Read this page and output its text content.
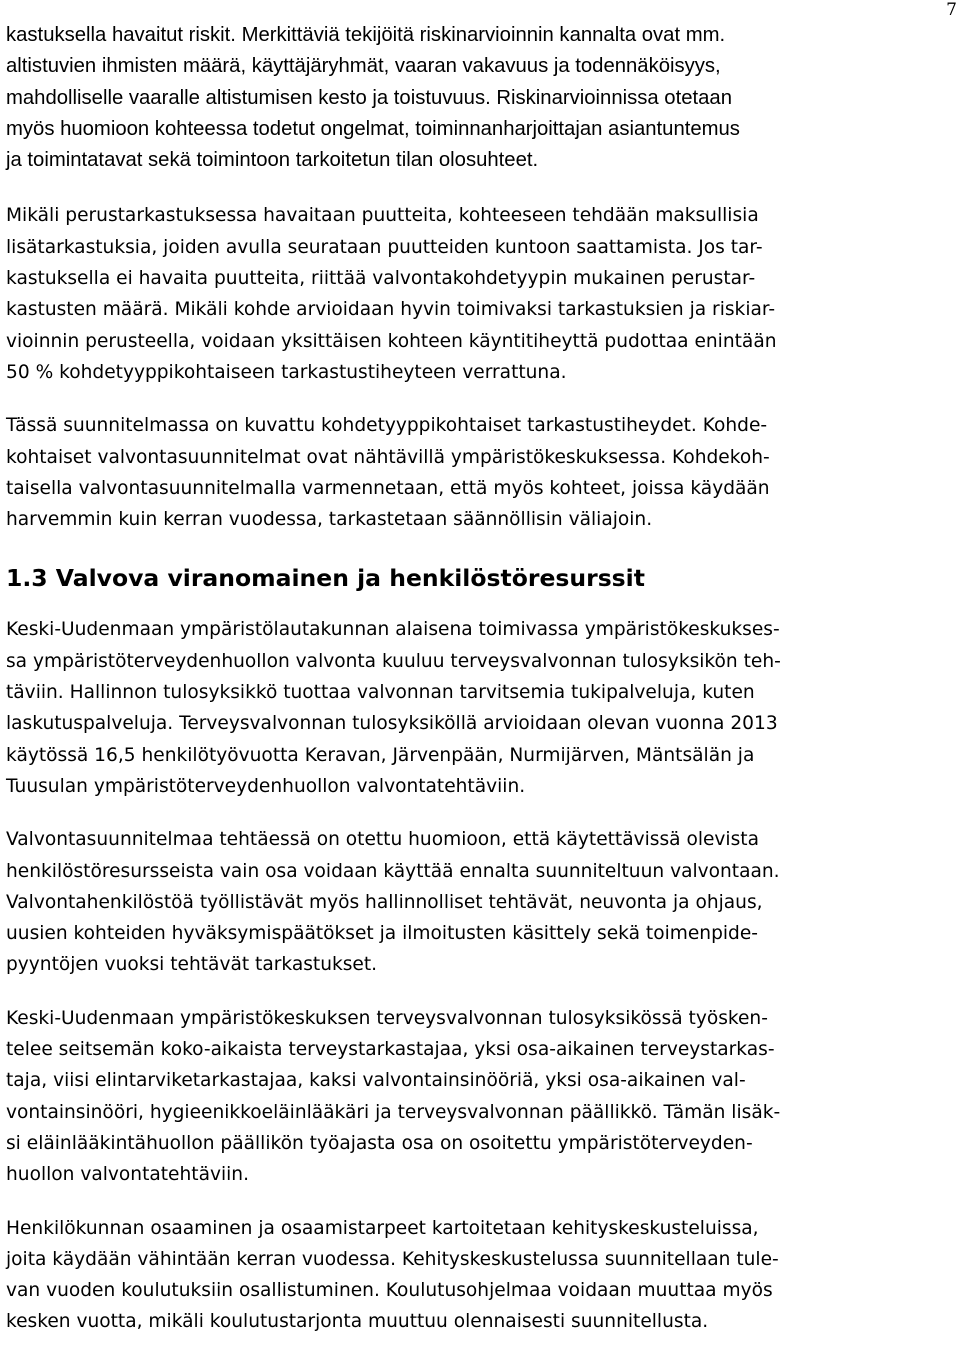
7

kastuksella havaitut riskit. Merkittäviä tekijöitä riskinarvioinnin kannalta ovat mm.
altistuvien ihmisten määrä, käyttäjäryhmät, vaaran vakavuus ja todennäköisyys,
mahdolliselle vaaralle altistumisen kesto ja toistuvuus. Riskinarvioinnissa otetaan
myös huomioon kohteessa todetut ongelmat, toiminnanharjoittajan asiantuntemus
ja toimintatavat sekä toimintoon tarkoitetun tilan olosuhteet.

Mikäli perustarkastuksessa havaitaan puutteita, kohteeseen tehdään maksullisia
lisätarkastuksia, joiden avulla seurataan puutteiden kuntoon saattamista. Jos tar-
kastuksella ei havaita puutteita, riittää valvontakohdetyypin mukainen perustar-
kastusten määrä. Mikäli kohde arvioidaan hyvin toimivaksi tarkastuksien ja riskiar-
vioinnin perusteella, voidaan yksittäisen kohteen käyntitiheyttä pudottaa enintään
50 % kohdetyyppikohtaiseen tarkastustiheyteen verrattuna.

Tässä suunnitelmassa on kuvattu kohdetyyppikohtaiset tarkastustiheydet. Kohde-
kohtaiset valvontasuunnitelmat ovat nähtävillä ympäristökeskuksessa. Kohdekoh-
taisella valvontasuunnitelmalla varmennetaan, että myös kohteet, joissa käydään
harvemmin kuin kerran vuodessa, tarkastetaan säännöllisin väliajoin.

1.3 Valvova viranomainen ja henkilöstöresurssit

Keski-Uudenmaan ympäristölautakunnan alaisena toimivassa ympäristökeskukses-
sa ympäristöterveydenhuollon valvonta kuuluu terveysvalvonnan tulosyksikön teh-
täviin. Hallinnon tulosyksikkö tuottaa valvonnan tarvitsemia tukipalveluja, kuten
laskutuspalveluja. Terveysvalvonnan tulosyksiköllä arvioidaan olevan vuonna 2013
käytössä 16,5 henkilötyövuotta Keravan, Järvenpään, Nurmijärven, Mäntsälän ja
Tuusulan ympäristöterveydenhuollon valvontatehtäviin.

Valvontasuunnitelmaa tehtäessä on otettu huomioon, että käytettävissä olevista
henkilöstöresursseista vain osa voidaan käyttää ennalta suunniteltuun valvontaan.
Valvontahenkilöstöä työllistävät myös hallinnolliset tehtävät, neuvonta ja ohjaus,
uusien kohteiden hyväksymispäätökset ja ilmoitusten käsittely sekä toimenpide-
pyyntöjen vuoksi tehtävät tarkastukset.

Keski-Uudenmaan ympäristökeskuksen terveysvalvonnan tulosyksikössä työsken-
telee seitsemän koko-aikaista terveystarkastajaa, yksi osa-aikainen terveystarkas-
taja, viisi elintarviketarkastajaa, kaksi valvontainsinööriä, yksi osa-aikainen val-
vontainsinööri, hygieenikkoeläinlääkäri ja terveysvalvonnan päällikkö. Tämän lisäk-
si eläinlääkintähuollon päällikön työajasta osa on osoitettu ympäristöterveyden-
huollon valvontatehtäviin.

Henkilökunnan osaaminen ja osaamistarpeet kartoitetaan kehityskeskusteluissa,
joita käydään vähintään kerran vuodessa. Kehityskeskustelussa suunnitellaan tule-
van vuoden koulutuksiin osallistuminen. Koulutusohjelmaa voidaan muuttaa myös
kesken vuotta, mikäli koulutustarjonta muuttuu olennaisesti suunnitellusta.
